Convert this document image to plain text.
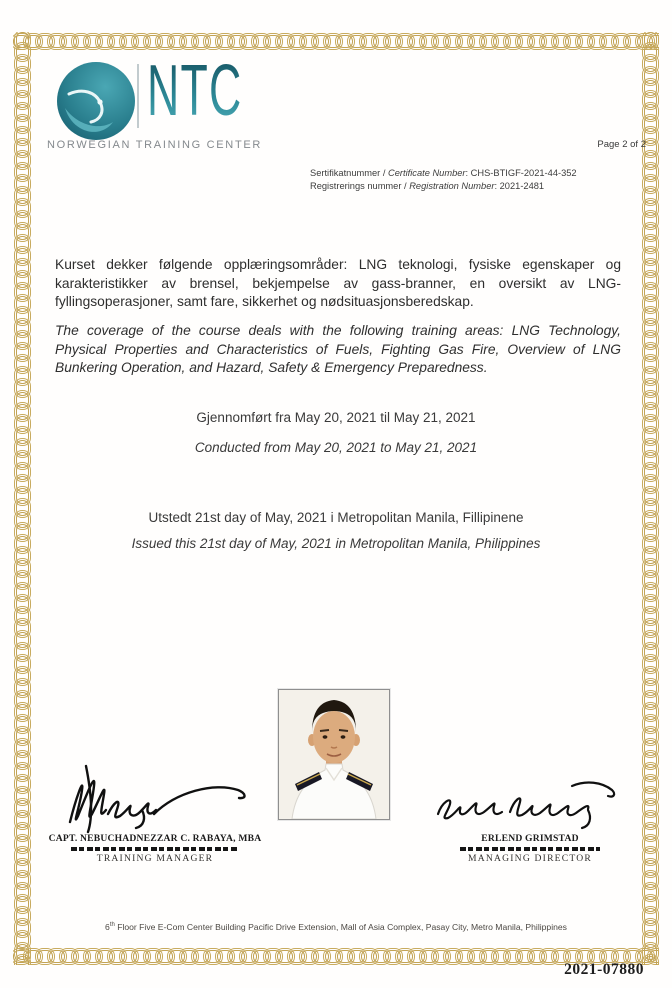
NTC
NORWEGIAN TRAINING CENTER	Page 2 of 2
Sertifikatnummer / Certificate Number: CHS-BTIGF-2021-44-352
Registrerings nummer / Registration Number: 2021-2481
Kurset dekker følgende opplæringsområder: LNG teknologi, fysiske egenskaper og karakteristikker av brensel, bekjempelse av gass-branner, en oversikt av LNG-fyllingsoperasjoner, samt fare, sikkerhet og nødsituasjonsberedskap.
The coverage of the course deals with the following training areas: LNG Technology, Physical Properties and Characteristics of Fuels, Fighting Gas Fire, Overview of LNG Bunkering Operation, and Hazard, Safety & Emergency Preparedness.
Gjennomført fra May 20, 2021 til May 21, 2021
Conducted from May 20, 2021 to May 21, 2021
Utstedt 21st day of May, 2021 i Metropolitan Manila, Fillipinene
Issued this 21st day of May, 2021 in Metropolitan Manila, Philippines
CAPT. NEBUCHADNEZZAR C. RABAYA, MBA
TRAINING MANAGER
ERLEND GRIMSTAD
MANAGING DIRECTOR
6th Floor Five E-Com Center Building Pacific Drive Extension, Mall of Asia Complex, Pasay City, Metro Manila, Philippines
2021-07880
